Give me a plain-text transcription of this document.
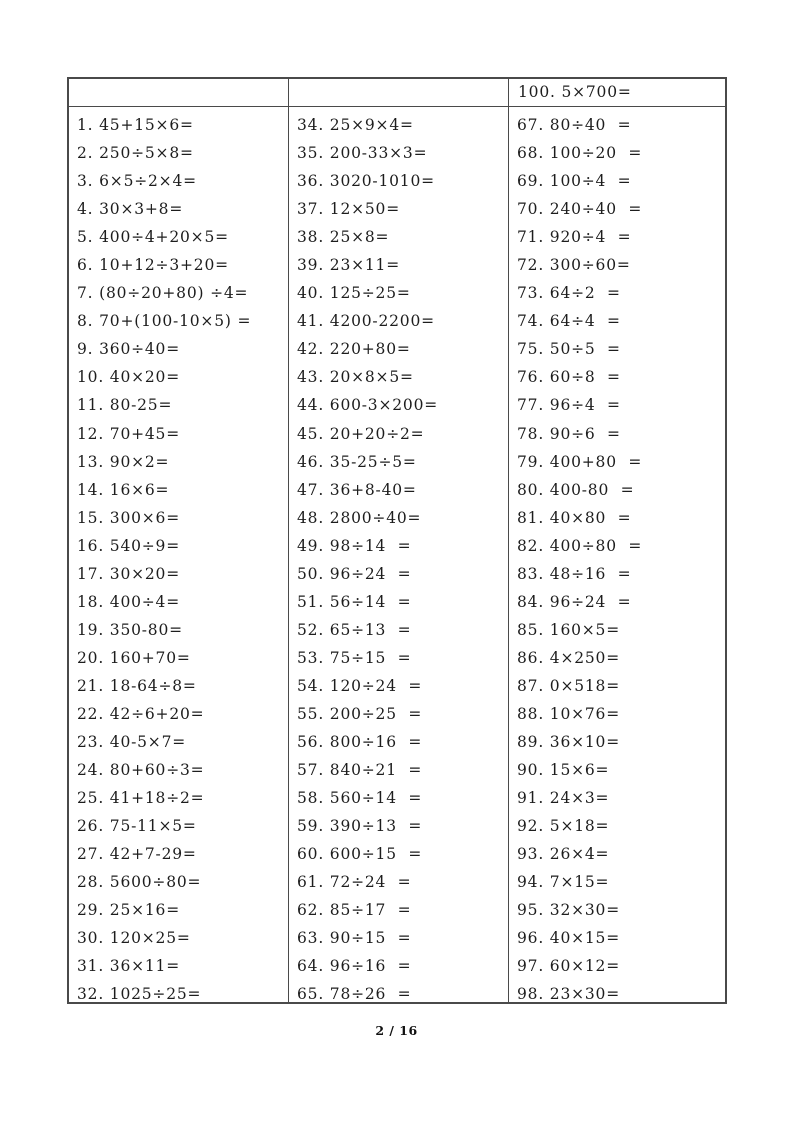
100. 5×700=
1. 45+15×6=
2. 250÷5×8=
3. 6×5÷2×4=
4. 30×3+8=
5. 400÷4+20×5=
6. 10+12÷3+20=
7. (80÷20+80) ÷4=
8. 70+(100-10×5) =
9. 360÷40=
10. 40×20=
11. 80-25=
12. 70+45=
13. 90×2=
14. 16×6=
15. 300×6=
16. 540÷9=
17. 30×20=
18. 400÷4=
19. 350-80=
20. 160+70=
21. 18-64÷8=
22. 42÷6+20=
23. 40-5×7=
24. 80+60÷3=
25. 41+18÷2=
26. 75-11×5=
27. 42+7-29=
28. 5600÷80=
29. 25×16=
30. 120×25=
31. 36×11=
32. 1025÷25=
34. 25×9×4=
35. 200-33×3=
36. 3020-1010=
37. 12×50=
38. 25×8=
39. 23×11=
40. 125÷25=
41. 4200-2200=
42. 220+80=
43. 20×8×5=
44. 600-3×200=
45. 20+20÷2=
46. 35-25÷5=
47. 36+8-40=
48. 2800÷40=
49. 98÷14  =
50. 96÷24  =
51. 56÷14  =
52. 65÷13  =
53. 75÷15  =
54. 120÷24  =
55. 200÷25  =
56. 800÷16  =
57. 840÷21  =
58. 560÷14  =
59. 390÷13  =
60. 600÷15  =
61. 72÷24  =
62. 85÷17  =
63. 90÷15  =
64. 96÷16  =
65. 78÷26  =
67. 80÷40  =
68. 100÷20  =
69. 100÷4  =
70. 240÷40  =
71. 920÷4  =
72. 300÷60=
73. 64÷2  =
74. 64÷4  =
75. 50÷5  =
76. 60÷8  =
77. 96÷4  =
78. 90÷6  =
79. 400+80  =
80. 400-80  =
81. 40×80  =
82. 400÷80  =
83. 48÷16  =
84. 96÷24  =
85. 160×5=
86. 4×250=
87. 0×518=
88. 10×76=
89. 36×10=
90. 15×6=
91. 24×3=
92. 5×18=
93. 26×4=
94. 7×15=
95. 32×30=
96. 40×15=
97. 60×12=
98. 23×30=
2 / 16
